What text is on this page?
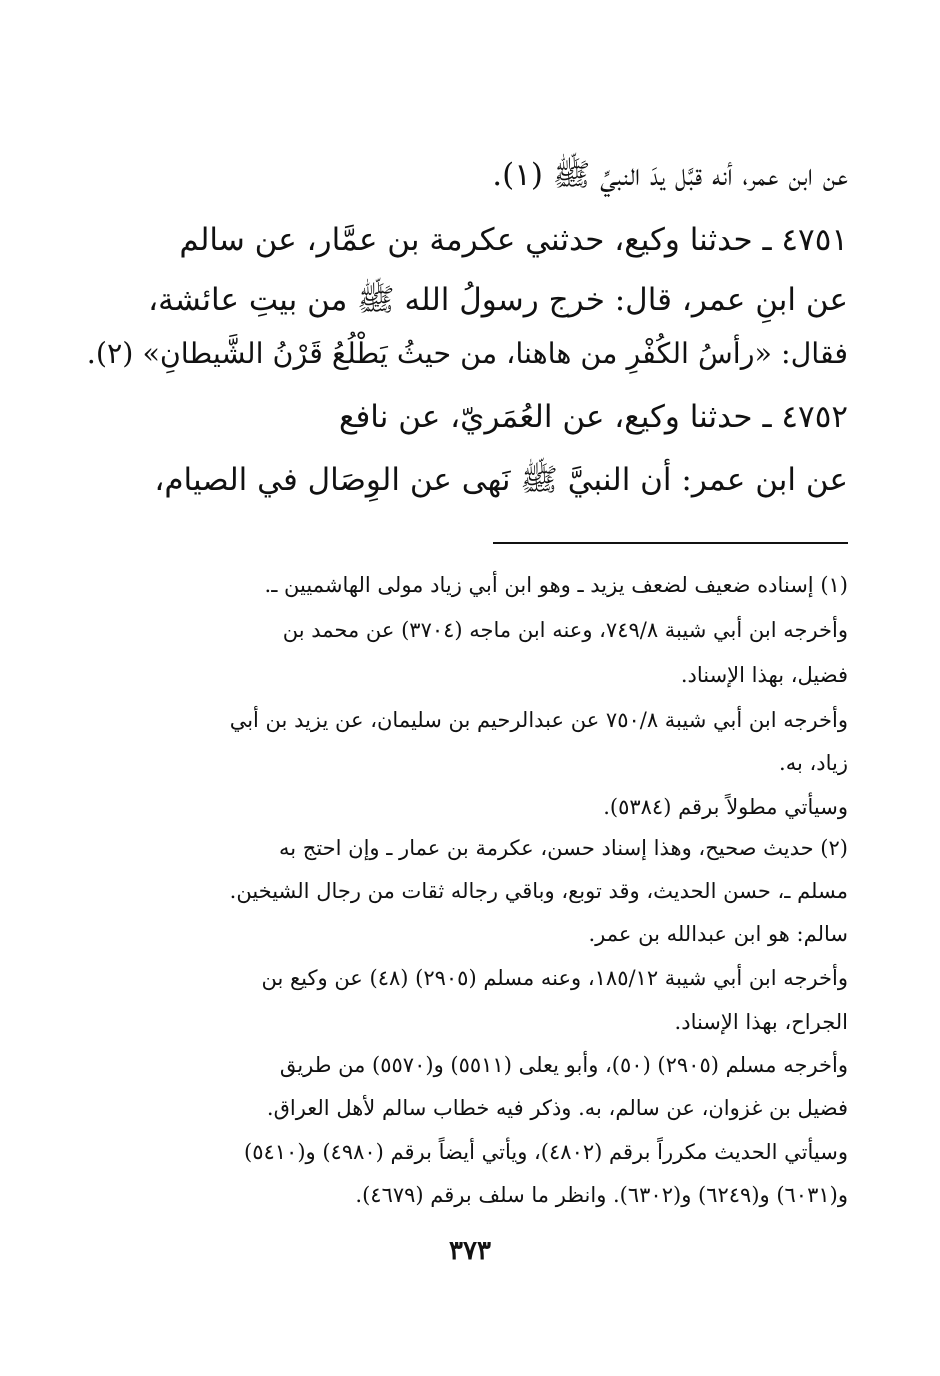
عن ابن عمر، أنه قبَّل يدَ النبيِّ ﷺ (١).
٤٧٥١ ـ حدثنا وكيع، حدثني عكرمة بن عمَّار، عن سالم
عن ابنِ عمر، قال: خرج رسولُ الله ﷺ من بيتِ عائشة،
فقال: «رأسُ الكُفْرِ من هاهنا، من حيثُ يَطْلُعُ قَرْنُ الشَّيطانِ» (٢).
٤٧٥٢ ـ حدثنا وكيع، عن العُمَريّ، عن نافع
عن ابن عمر: أن النبيَّ ﷺ نَهى عن الوِصَال في الصيام،
(١) إسناده ضعيف لضعف يزيد ـ وهو ابن أبي زياد مولى الهاشميين ـ.
وأخرجه ابن أبي شيبة ٧٤٩/٨، وعنه ابن ماجه (٣٧٠٤) عن محمد بن
فضيل، بهذا الإسناد.
وأخرجه ابن أبي شيبة ٧٥٠/٨ عن عبدالرحيم بن سليمان، عن يزيد بن أبي
زياد، به.
وسيأتي مطولاً برقم (٥٣٨٤).
(٢) حديث صحيح، وهذا إسناد حسن، عكرمة بن عمار ـ وإن احتج به
مسلم ـ، حسن الحديث، وقد توبع، وباقي رجاله ثقات من رجال الشيخين.
سالم: هو ابن عبدالله بن عمر.
وأخرجه ابن أبي شيبة ١٨٥/١٢، وعنه مسلم (٢٩٠٥) (٤٨) عن وكيع بن
الجراح، بهذا الإسناد.
وأخرجه مسلم (٢٩٠٥) (٥٠)، وأبو يعلى (٥٥١١) و(٥٥٧٠) من طريق
فضيل بن غزوان، عن سالم، به. وذكر فيه خطاب سالم لأهل العراق.
وسيأتي الحديث مكرراً برقم (٤٨٠٢)، ويأتي أيضاً برقم (٤٩٨٠) و(٥٤١٠)
و(٦٠٣١) و(٦٢٤٩) و(٦٣٠٢). وانظر ما سلف برقم (٤٦٧٩).
٣٧٣
